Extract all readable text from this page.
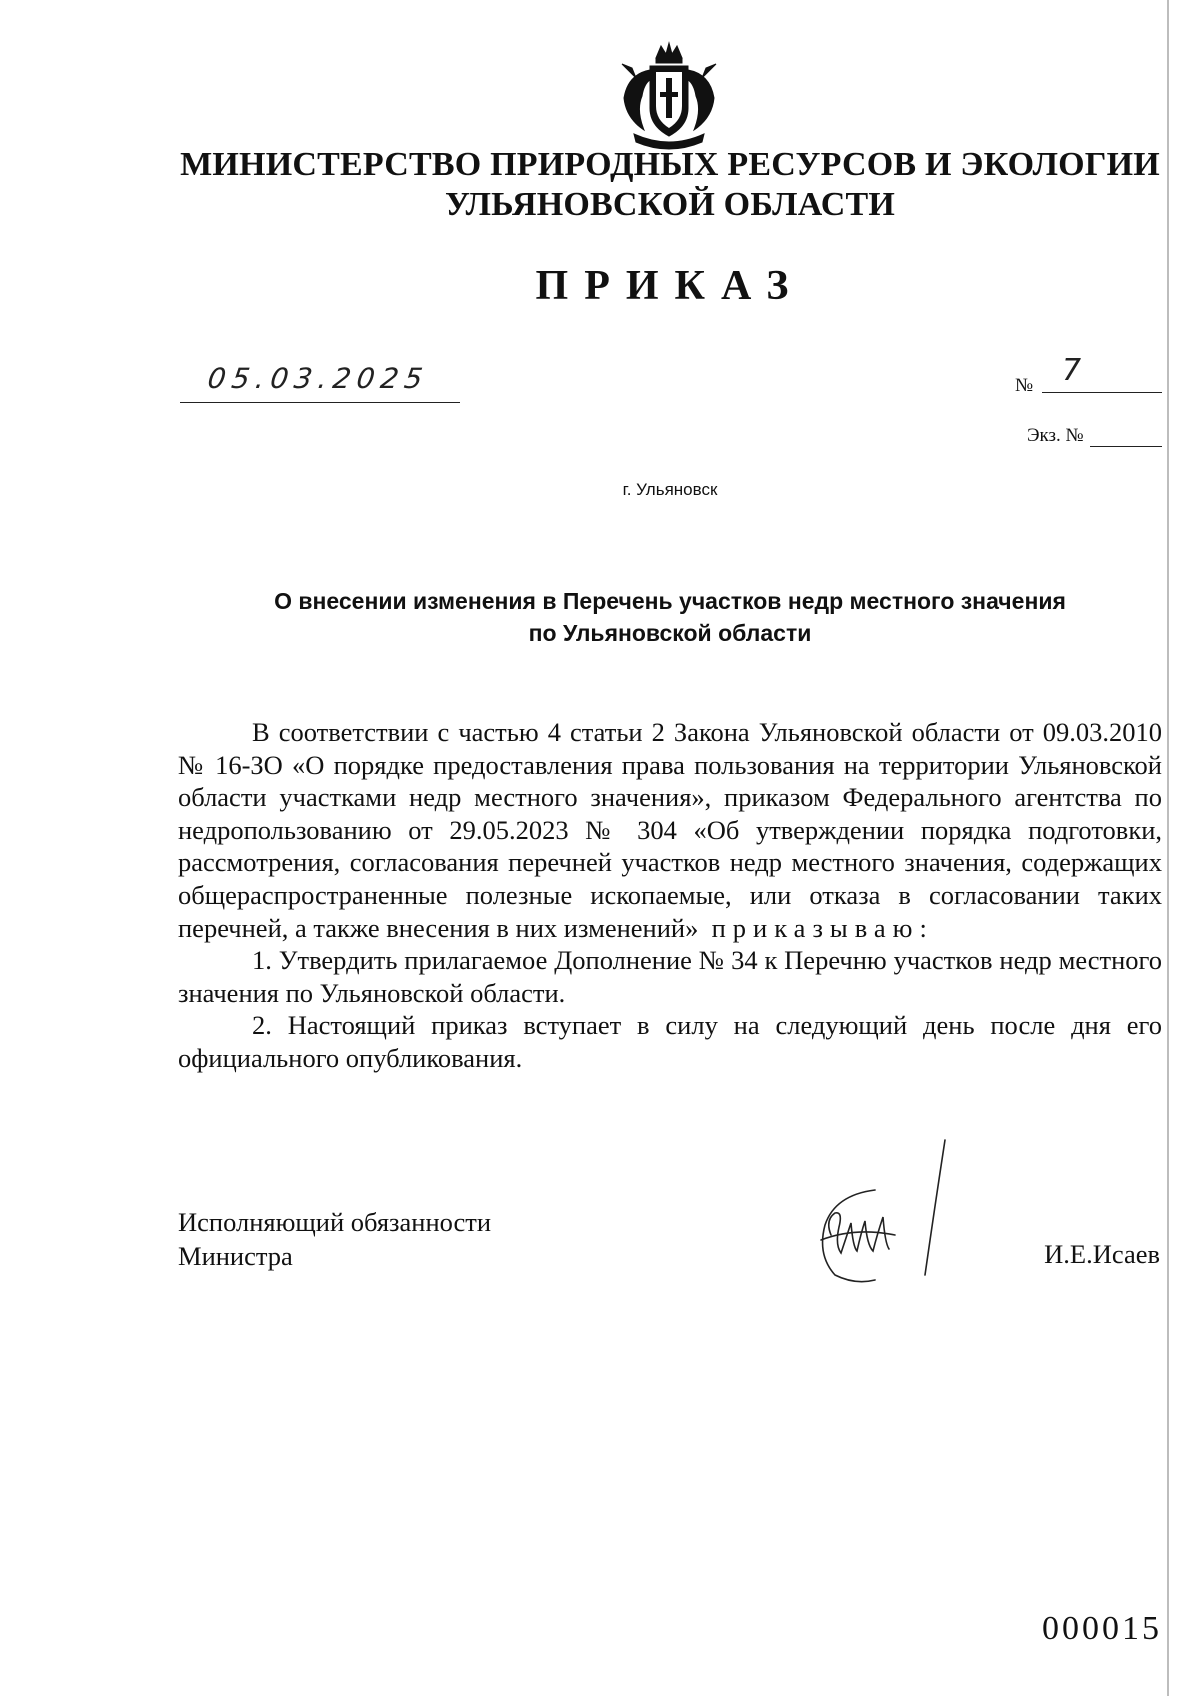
МИНИСТЕРСТВО ПРИРОДНЫХ РЕСУРСОВ И ЭКОЛОГИИ
УЛЬЯНОВСКОЙ ОБЛАСТИ
ПРИКАЗ
05.03.2025	№ 7
Экз. №
г. Ульяновск
О внесении изменения в Перечень участков недр местного значения
по Ульяновской области

В соответствии с частью 4 статьи 2 Закона Ульяновской области от 09.03.2010 № 16-ЗО «О порядке предоставления права пользования на территории Ульяновской области участками недр местного значения», приказом Федерального агентства по недропользованию от 29.05.2023 № 304 «Об утверждении порядка подготовки, рассмотрения, согласования перечней участков недр местного значения, содержащих общераспространенные полезные ископаемые, или отказа в согласовании таких перечней, а также внесения в них изменений» приказываю:

1. Утвердить прилагаемое Дополнение № 34 к Перечню участков недр местного значения по Ульяновской области.

2. Настоящий приказ вступает в силу на следующий день после дня его официального опубликования.

Исполняющий обязанности
Министра	И.Е.Исаев
000015
